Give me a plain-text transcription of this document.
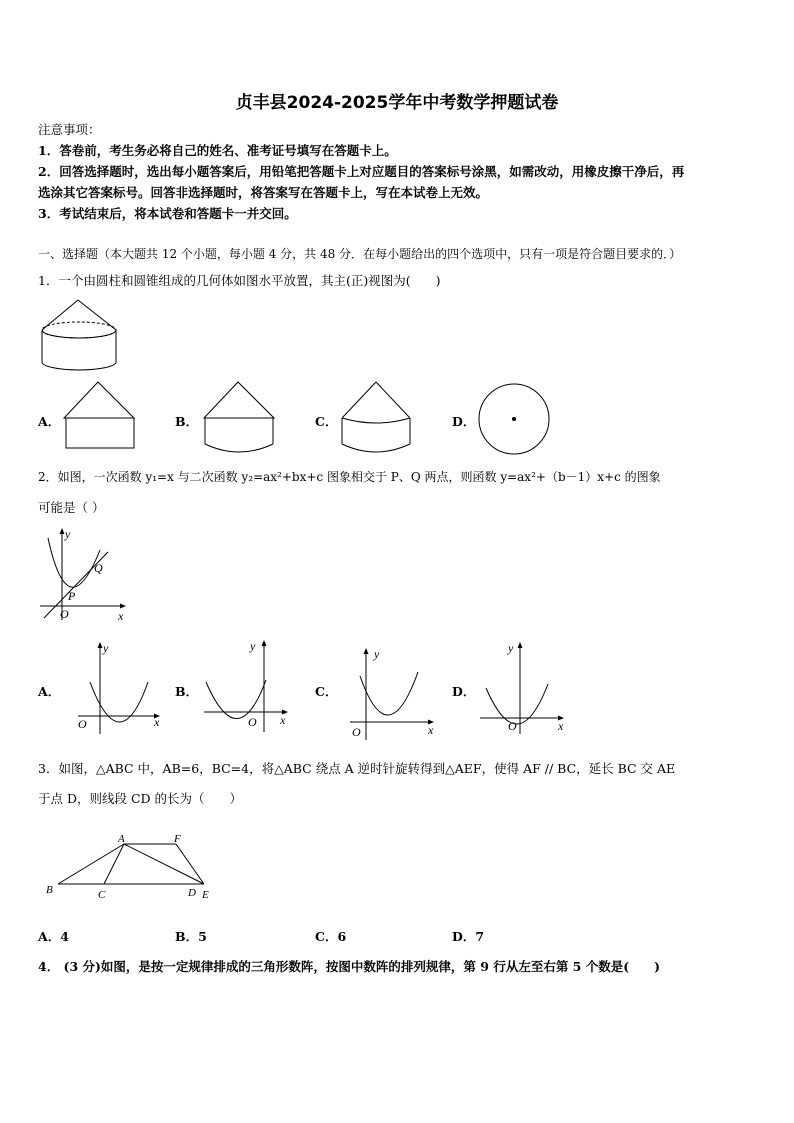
贞丰县2024-2025学年中考数学押题试卷
注意事项：
1．答卷前，考生务必将自己的姓名、准考证号填写在答题卡上。
2．回答选择题时，选出每小题答案后，用铅笔把答题卡上对应题目的答案标号涂黑，如需改动，用橡皮擦干净后，再
选涂其它答案标号。回答非选择题时，将答案写在答题卡上，写在本试卷上无效。
3．考试结束后，将本试卷和答题卡一并交回。
一、选择题（本大题共 12 个小题，每小题 4 分，共 48 分．在每小题给出的四个选项中，只有一项是符合题目要求的．）
1．一个由圆柱和圆锥组成的几何体如图水平放置，其主(正)视图为(　　)
A．	B．	C．	D．
2．如图，一次函数 y₁=x 与二次函数 y₂=ax²+bx+c 图象相交于 P、Q 两点，则函数 y=ax²+（b－1）x+c 的图象
可能是（ ）
y
x
O
P
Q
A．
y
x
O
B．
y
x
O
C．
y
x
O
D．
y
x
O
3．如图，△ABC 中，AB=6，BC=4，将△ABC 绕点 A 逆时针旋转得到△AEF，使得 AF // BC，延长 BC 交 AE
于点 D，则线段 CD 的长为（　　）
A	F
B	C	D E
A．4	B．5	C．6	D．7
4． (3 分)如图，是按一定规律排成的三角形数阵，按图中数阵的排列规律，第 9 行从左至右第 5 个数是(　　)
